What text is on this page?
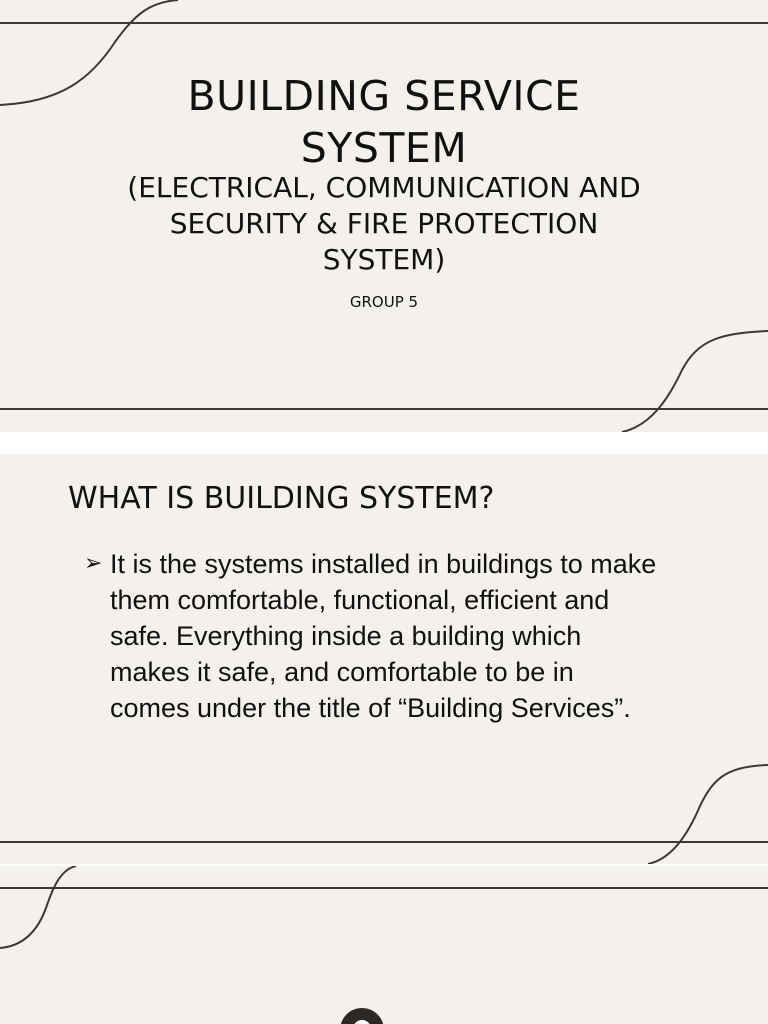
BUILDING SERVICE
SYSTEM

(ELECTRICAL, COMMUNICATION AND
SECURITY & FIRE PROTECTION
SYSTEM)

GROUP 5
WHAT IS BUILDING SYSTEM?
➢ It is the systems installed in buildings to make
them comfortable, functional, efficient and
safe. Everything inside a building which
makes it safe, and comfortable to be in
comes under the title of “Building Services”.
